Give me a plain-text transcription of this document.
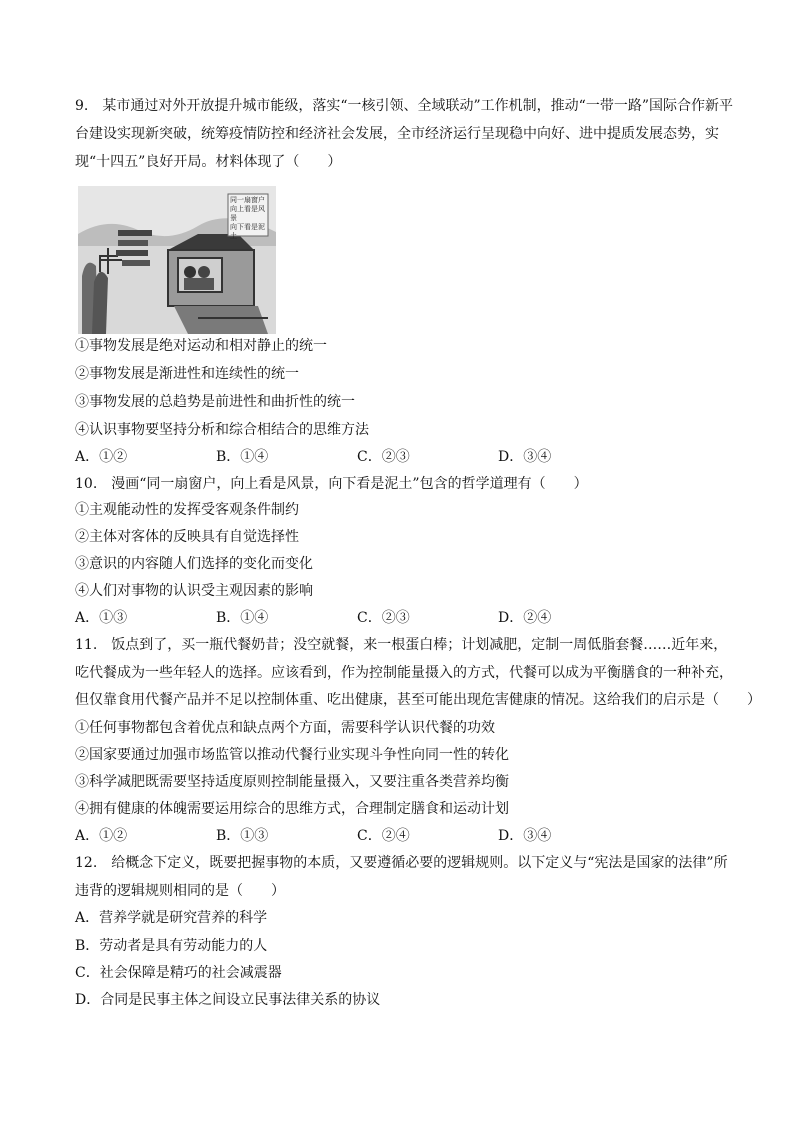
9.　某市通过对外开放提升城市能级，落实“一核引领、全域联动”工作机制，推动“一带一路”国际合作新平
台建设实现新突破，统筹疫情防控和经济社会发展，全市经济运行呈现稳中向好、进中提质发展态势，实
现“十四五”良好开局。材料体现了（　　）
同一扇窗户
向上看是风景
向下看是泥土
①事物发展是绝对运动和相对静止的统一
②事物发展是渐进性和连续性的统一
③事物发展的总趋势是前进性和曲折性的统一
④认识事物要坚持分析和综合相结合的思维方法
A．①②	B．①④	C．②③	D．③④
10.　漫画“同一扇窗户，向上看是风景，向下看是泥土”包含的哲学道理有（　　）
①主观能动性的发挥受客观条件制约
②主体对客体的反映具有自觉选择性
③意识的内容随人们选择的变化而变化
④人们对事物的认识受主观因素的影响
A．①③	B．①④	C．②③	D．②④
11.　饭点到了，买一瓶代餐奶昔；没空就餐，来一根蛋白棒；计划减肥，定制一周低脂套餐……近年来，
吃代餐成为一些年轻人的选择。应该看到，作为控制能量摄入的方式，代餐可以成为平衡膳食的一种补充，
但仅靠食用代餐产品并不足以控制体重、吃出健康，甚至可能出现危害健康的情况。这给我们的启示是（　　）
①任何事物都包含着优点和缺点两个方面，需要科学认识代餐的功效
②国家要通过加强市场监管以推动代餐行业实现斗争性向同一性的转化
③科学减肥既需要坚持适度原则控制能量摄入，又要注重各类营养均衡
④拥有健康的体魄需要运用综合的思维方式，合理制定膳食和运动计划
A．①②	B．①③	C．②④	D．③④
12.　给概念下定义，既要把握事物的本质，又要遵循必要的逻辑规则。以下定义与“宪法是国家的法律”所
违背的逻辑规则相同的是（　　）
A．营养学就是研究营养的科学
B．劳动者是具有劳动能力的人
C．社会保障是精巧的社会减震器
D．合同是民事主体之间设立民事法律关系的协议
